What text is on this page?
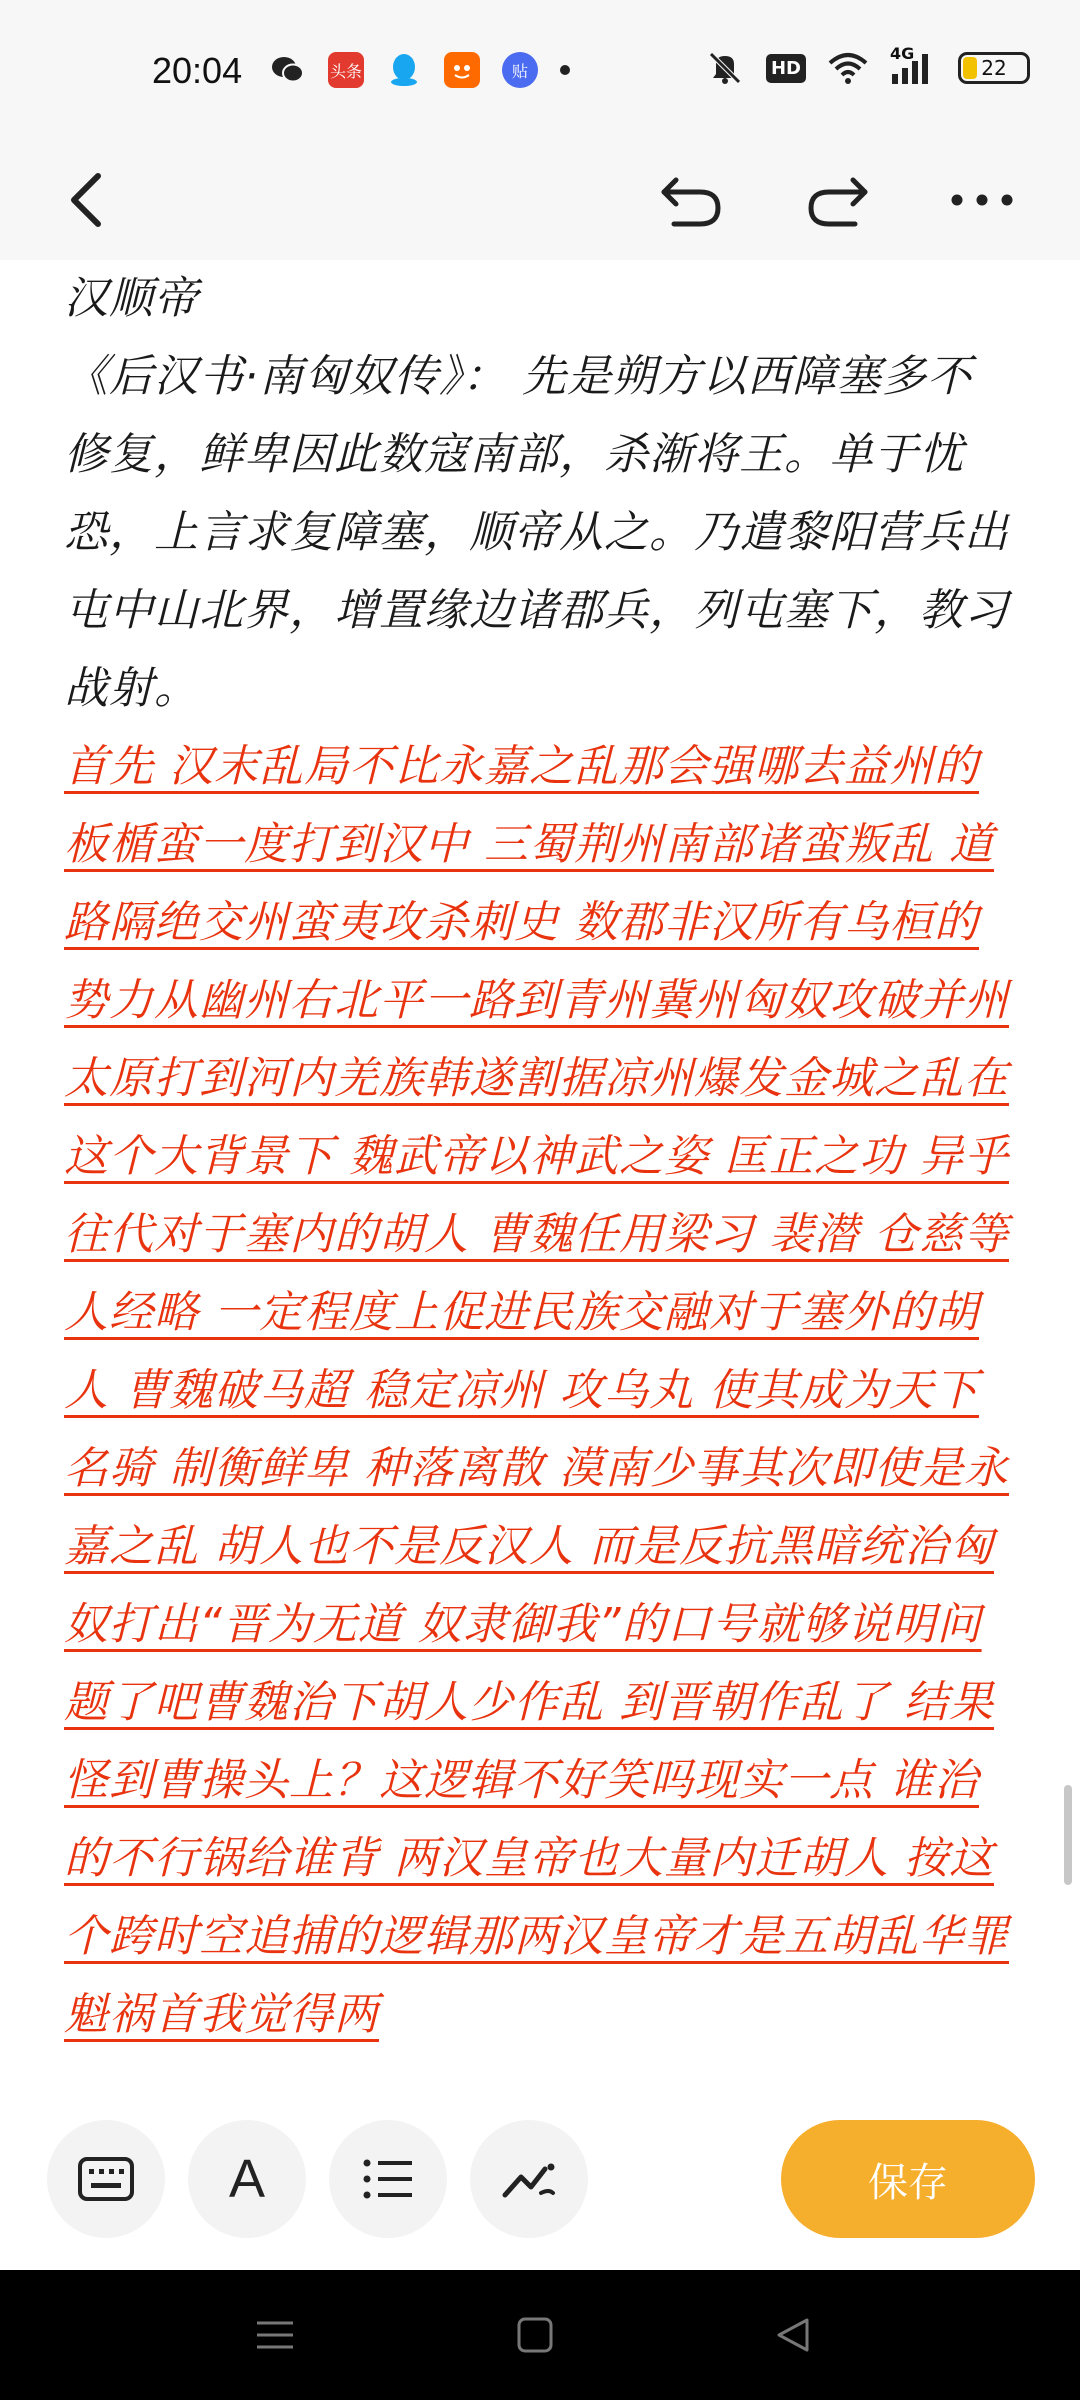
20:04	头条	贴	HD
4G
22

汉顺帝

《后汉书·南匈奴传》： 先是朔方以西障塞多不修复，鲜卑因此数寇南部，杀渐将王。单于忧恐，上言求复障塞，顺帝从之。乃遣黎阳营兵出屯中山北界，增置缘边诸郡兵，列屯塞下，教习战射。

首先 汉末乱局不比永嘉之乱那会强哪去益州的板楯蛮一度打到汉中 三蜀荆州南部诸蛮叛乱 道路隔绝交州蛮夷攻杀刺史 数郡非汉所有乌桓的势力从幽州右北平一路到青州冀州匈奴攻破并州太原打到河内羌族韩遂割据凉州爆发金城之乱在这个大背景下 魏武帝以神武之姿 匡正之功 异乎往代对于塞内的胡人 曹魏任用梁习 裴潜 仓慈等人经略 一定程度上促进民族交融对于塞外的胡人 曹魏破马超 稳定凉州 攻乌丸 使其成为天下名骑 制衡鲜卑 种落离散 漠南少事其次即使是永嘉之乱 胡人也不是反汉人 而是反抗黑暗统治匈奴打出“晋为无道 奴隶御我”的口号就够说明问题了吧曹魏治下胡人少作乱 到晋朝作乱了 结果怪到曹操头上？这逻辑不好笑吗现实一点 谁治的不行锅给谁背 两汉皇帝也大量内迁胡人 按这个跨时空追捕的逻辑那两汉皇帝才是五胡乱华罪魁祸首我觉得两

A	保存
